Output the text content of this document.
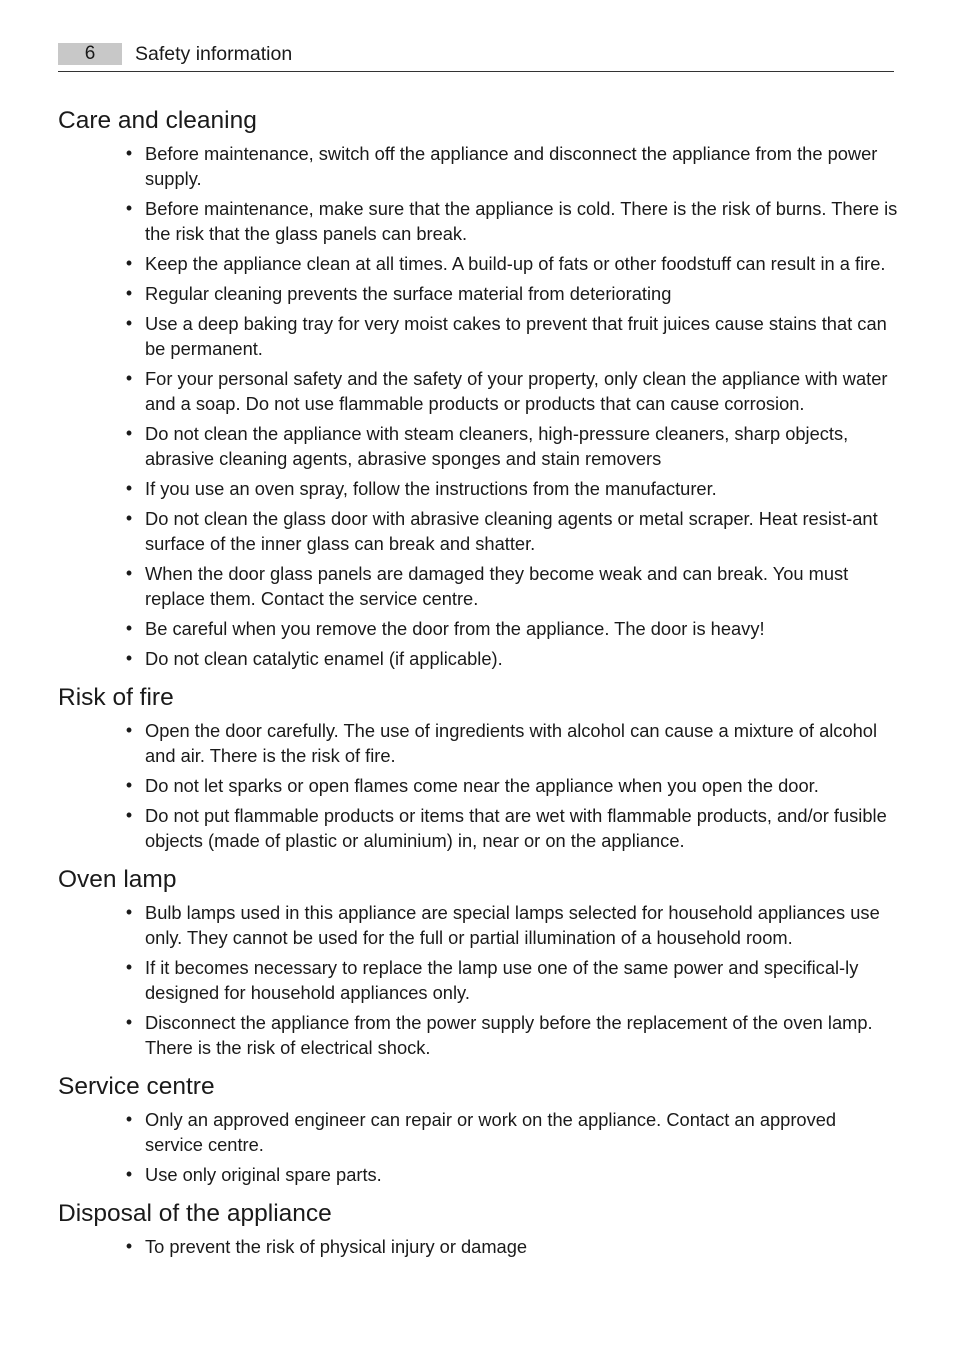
6	Safety information
Care and cleaning
• Before maintenance, switch off the appliance and disconnect the appliance from the power supply.
• Before maintenance, make sure that the appliance is cold. There is the risk of burns. There is the risk that the glass panels can break.
• Keep the appliance clean at all times. A build-up of fats or other foodstuff can result in a fire.
• Regular cleaning prevents the surface material from deteriorating
• Use a deep baking tray for very moist cakes to prevent that fruit juices cause stains that can be permanent.
• For your personal safety and the safety of your property, only clean the appliance with water and a soap. Do not use flammable products or products that can cause corrosion.
• Do not clean the appliance with steam cleaners, high-pressure cleaners, sharp objects, abrasive cleaning agents, abrasive sponges and stain removers
• If you use an oven spray, follow the instructions from the manufacturer.
• Do not clean the glass door with abrasive cleaning agents or metal scraper. Heat resist-ant surface of the inner glass can break and shatter.
• When the door glass panels are damaged they become weak and can break. You must replace them. Contact the service centre.
• Be careful when you remove the door from the appliance. The door is heavy!
• Do not clean catalytic enamel (if applicable).
Risk of fire
• Open the door carefully. The use of ingredients with alcohol can cause a mixture of alcohol and air. There is the risk of fire.
• Do not let sparks or open flames come near the appliance when you open the door.
• Do not put flammable products or items that are wet with flammable products, and/or fusible objects (made of plastic or aluminium) in, near or on the appliance.
Oven lamp
• Bulb lamps used in this appliance are special lamps selected for household appliances use only. They cannot be used for the full or partial illumination of a household room.
• If it becomes necessary to replace the lamp use one of the same power and specifical-ly designed for household appliances only.
• Disconnect the appliance from the power supply before the replacement of the oven lamp. There is the risk of electrical shock.
Service centre
• Only an approved engineer can repair or work on the appliance. Contact an approved service centre.
• Use only original spare parts.
Disposal of the appliance
• To prevent the risk of physical injury or damage
